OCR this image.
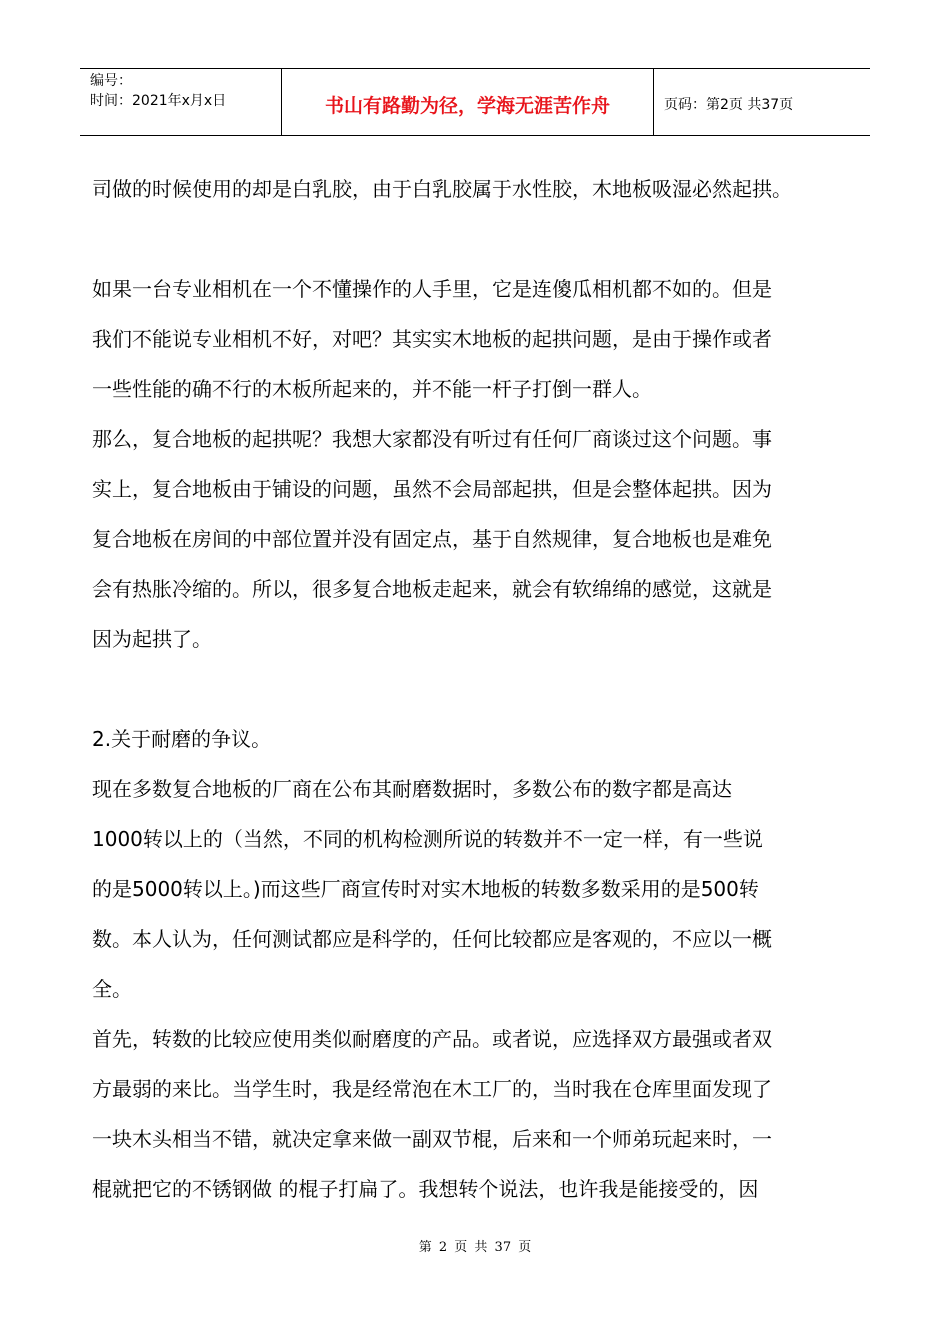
编号：
时间：2021年x月x日	书山有路勤为径，学海无涯苦作舟	页码：第2页 共37页
司做的时候使用的却是白乳胶，由于白乳胶属于水性胶，木地板吸湿必然起拱。
如果一台专业相机在一个不懂操作的人手里，它是连傻瓜相机都不如的。但是
我们不能说专业相机不好，对吧？其实实木地板的起拱问题，是由于操作或者
一些性能的确不行的木板所起来的，并不能一杆子打倒一群人。
那么，复合地板的起拱呢？我想大家都没有听过有任何厂商谈过这个问题。事
实上，复合地板由于铺设的问题，虽然不会局部起拱，但是会整体起拱。因为
复合地板在房间的中部位置并没有固定点，基于自然规律，复合地板也是难免
会有热胀冷缩的。所以，很多复合地板走起来，就会有软绵绵的感觉，这就是
因为起拱了。
2.关于耐磨的争议。
现在多数复合地板的厂商在公布其耐磨数据时，多数公布的数字都是高达
1000转以上的（当然，不同的机构检测所说的转数并不一定一样，有一些说
的是5000转以上。)而这些厂商宣传时对实木地板的转数多数采用的是500转
数。本人认为，任何测试都应是科学的，任何比较都应是客观的，不应以一概
全。
首先，转数的比较应使用类似耐磨度的产品。或者说，应选择双方最强或者双
方最弱的来比。当学生时，我是经常泡在木工厂的，当时我在仓库里面发现了
一块木头相当不错，就决定拿来做一副双节棍，后来和一个师弟玩起来时，一
棍就把它的不锈钢做 的棍子打扁了。我想转个说法，也许我是能接受的，因
第 2 页 共 37 页
